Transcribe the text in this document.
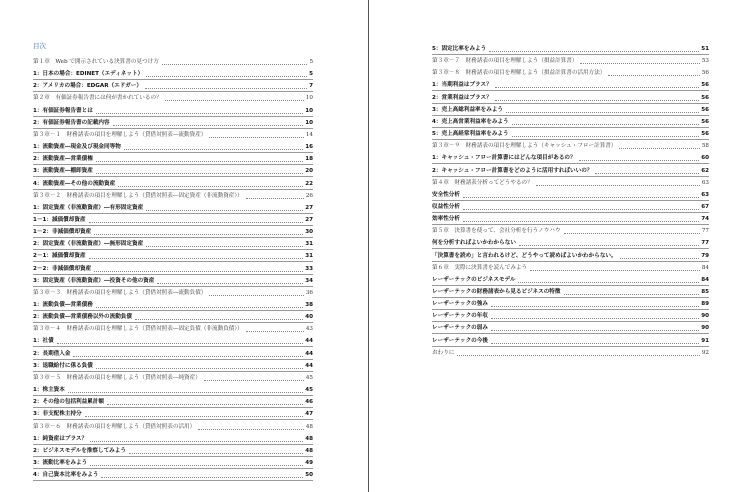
目次
第１章　Web で開示されている決算書の見つけ方	5
1：日本の場合：EDINET（エディネット）	5
2：アメリカの場合：EDGAR（エドガー）	7
第２章　有価証券報告書には何が書かれているの？	10
1：有価証券報告書とは	10
2：有価証券報告書の記載内容	10
第３章－１　財務諸表の項目を理解しよう（貸借対照表―流動資産）	14
1：流動資産―現金及び現金同等物	16
2：流動資産―営業債権	18
3：流動資産―棚卸資産	20
4：流動資産―その他の流動資産	22
第３章－２　財務諸表の項目を理解しよう（貸借対照表―固定資産（非流動資産））	26
1：固定資産（非流動資産）―有形固定資産	27
1－1：減価償却資産	27
1－2：非減価償却資産	30
2：固定資産（非流動資産）―無形固定資産	31
2－1：減価償却資産	31
2－2：非減価償却資産	33
3：固定資産（非流動資産）―投資その他の資産	34
第３章－３　財務諸表の項目を理解しよう（貸借対照表―流動負債）	36
1：流動負債―営業債務	38
2：流動負債―営業債務以外の流動負債	40
第３章－４　財務諸表の項目を理解しよう（貸借対照表―固定負債（非流動負債））	43
1：社債	44
2：長期借入金	44
3：退職給付に係る負債	44
第３章－５　財務諸表の項目を理解しよう（貸借対照表―純資産）	45
1：株主資本	45
2：その他の包括利益累計額	46
3：非支配株主持分	47
第３章－６　財務諸表の項目を理解しよう（貸借対照表の活用）	48
1：純資産はプラス？	48
2：ビジネスモデルを推察してみよう	48
3：流動比率をみよう	49
4：自己資本比率をみよう	50
5：固定比率をみよう	51
第３章－７　財務諸表の項目を理解しよう（損益計算書）	53
第３章－８　財務諸表の項目を理解しよう（損益計算書の活用方法）	56
1：当期利益はプラス？	56
2：営業利益はプラス？	56
3：売上高総利益率をみよう	56
4：売上高営業利益率をみよう	56
5：売上高経常利益率をみよう	56
第３章－９　財務諸表の項目を理解しよう（キャッシュ・フロー計算書）	58
1：キャッシュ・フロー計算書にはどんな項目があるの？	60
2：キャッシュ・フロー計算書をどのように活用すればいいの？	62
第４章　財務諸表分析ってどうやるの？	63
安全性分析	63
収益性分析	67
効率性分析	74
第５章　決算書を使って、会社分析を行うノウハウ	77
何を分析すればよいかわからない	77
「決算書を読め」と言われるけど、どうやって読めばよいかわからない。	79
第６章　実際に決算書を読んでみよう	84
レーザーテックのビジネスモデル	84
レーザーテックの財務諸表から見るビジネスの特徴	85
レーザーテックの強み	89
レーザーテックの年収	90
レーザーテックの弱み	90
レーザーテックの今後	91
おわりに	92
